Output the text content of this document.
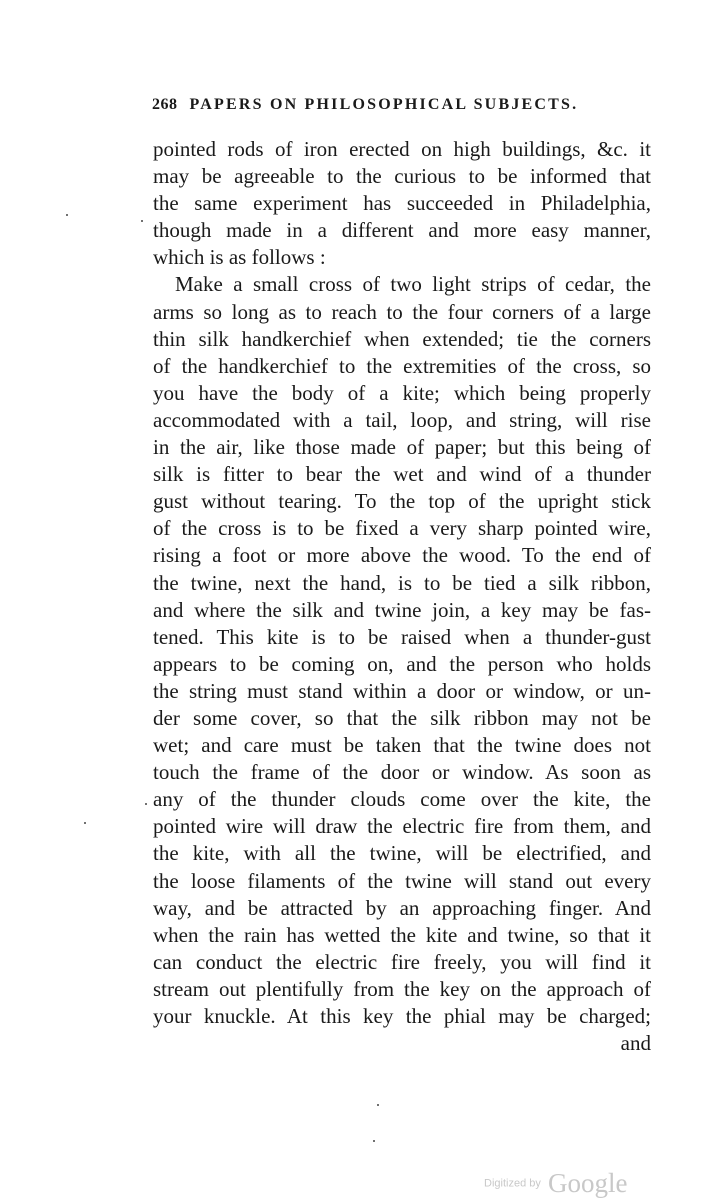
268 PAPERS ON PHILOSOPHICAL SUBJECTS.
pointed rods of iron erected on high buildings, &c. it
may be agreeable to the curious to be informed that
the same experiment has succeeded in Philadelphia,
though made in a different and more easy manner,
which is as follows :
Make a small cross of two light strips of cedar, the
arms so long as to reach to the four corners of a large
thin silk handkerchief when extended; tie the corners
of the handkerchief to the extremities of the cross, so
you have the body of a kite; which being properly
accommodated with a tail, loop, and string, will rise
in the air, like those made of paper; but this being of
silk is fitter to bear the wet and wind of a thunder
gust without tearing. To the top of the upright stick
of the cross is to be fixed a very sharp pointed wire,
rising a foot or more above the wood. To the end of
the twine, next the hand, is to be tied a silk ribbon,
and where the silk and twine join, a key may be fas-
tened. This kite is to be raised when a thunder-gust
appears to be coming on, and the person who holds
the string must stand within a door or window, or un-
der some cover, so that the silk ribbon may not be
wet; and care must be taken that the twine does not
touch the frame of the door or window. As soon as
any of the thunder clouds come over the kite, the
pointed wire will draw the electric fire from them, and
the kite, with all the twine, will be electrified, and
the loose filaments of the twine will stand out every
way, and be attracted by an approaching finger. And
when the rain has wetted the kite and twine, so that it
can conduct the electric fire freely, you will find it
stream out plentifully from the key on the approach of
your knuckle. At this key the phial may be charged;
and
Digitized by Google
